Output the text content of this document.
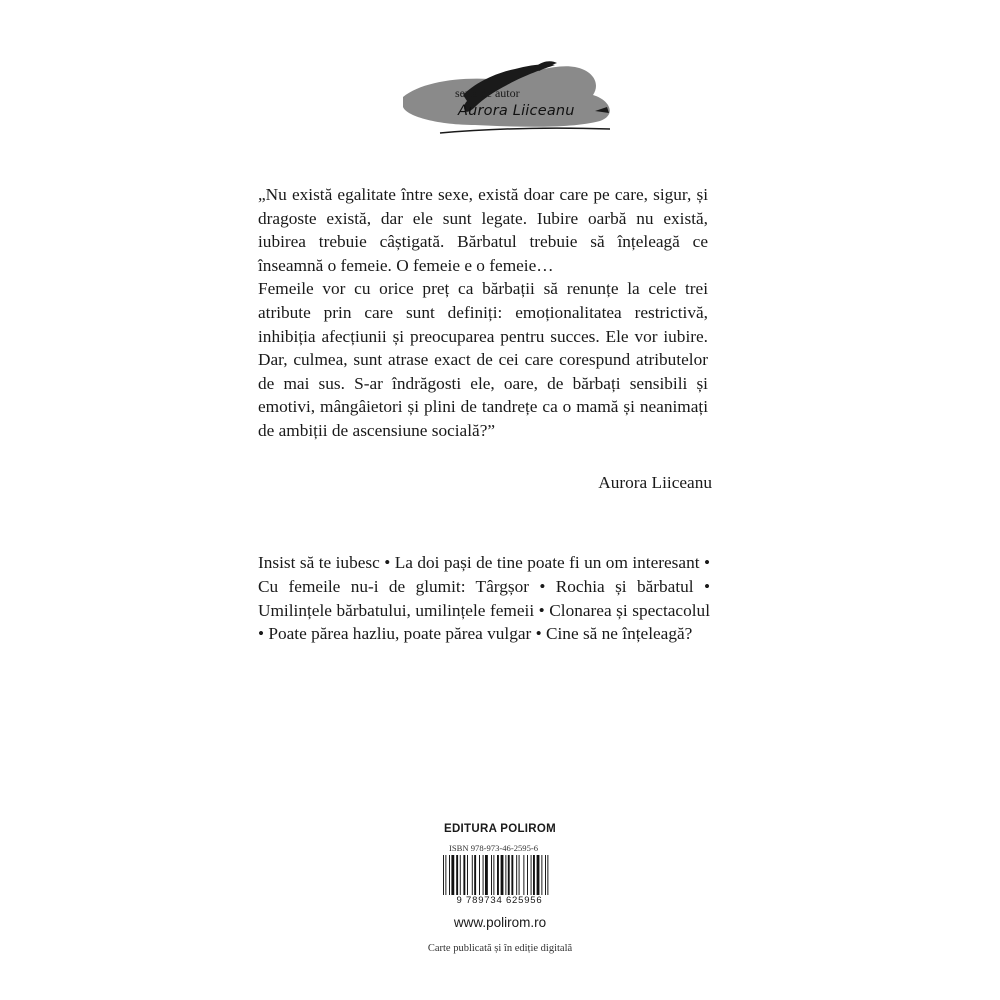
seria de autor
Aurora Liiceanu

„Nu există egalitate între sexe, există doar care pe care, sigur, și dragoste există, dar ele sunt legate. Iubire oarbă nu există, iubirea trebuie câștigată. Bărbatul trebuie să înțeleagă ce înseamnă o femeie. O femeie e o femeie…

Femeile vor cu orice preț ca bărbații să renunțe la cele trei atribute prin care sunt definiți: emoționalitatea restrictivă, inhibiția afecțiunii și preocuparea pentru succes. Ele vor iubire. Dar, culmea, sunt atrase exact de cei care corespund atributelor de mai sus. S-ar îndrăgosti ele, oare, de bărbați sensibili și emotivi, mângâietori și plini de tandrețe ca o mamă și neanimați de ambiții de ascensiune socială?”

Aurora Liiceanu

Insist să te iubesc • La doi pași de tine poate fi un om interesant • Cu femeile nu-i de glumit: Târgșor • Rochia și bărbatul • Umilințele bărbatului, umilințele femeii • Clonarea și spectacolul • Poate părea hazliu, poate părea vulgar • Cine să ne înțeleagă?

EDITURA POLIROM
ISBN 978-973-46-2595-6
9 789734 625956
www.polirom.ro
Carte publicată și în ediție digitală
